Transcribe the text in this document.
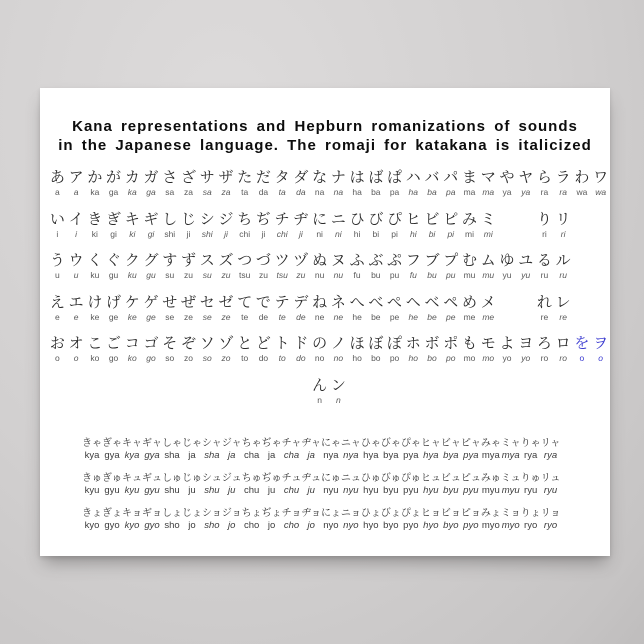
Kana representations and Hepburn romanizations of sounds
in the Japanese language. The romaji for katakana is italicized
あ
a
ア
a
か
ka
が
ga
カ
ka
ガ
ga
さ
sa
ざ
za
サ
sa
ザ
za
た
ta
だ
da
タ
ta
ダ
da
な
na
ナ
na
は
ha
ば
ba
ぱ
pa
ハ
ha
バ
ba
パ
pa
ま
ma
マ
ma
や
ya
ヤ
ya
ら
ra
ラ
ra
わ
wa
ワ
wa
い
i
イ
i
き
ki
ぎ
gi
キ
ki
ギ
gi
し
shi
じ
ji
シ
shi
ジ
ji
ち
chi
ぢ
ji
チ
chi
ヂ
ji
に
ni
ニ
ni
ひ
hi
び
bi
ぴ
pi
ヒ
hi
ビ
bi
ピ
pi
み
mi
ミ
mi
り
ri
リ
ri
う
u
ウ
u
く
ku
ぐ
gu
ク
ku
グ
gu
す
su
ず
zu
ス
su
ズ
zu
つ
tsu
づ
zu
ツ
tsu
ヅ
zu
ぬ
nu
ヌ
nu
ふ
fu
ぶ
bu
ぷ
pu
フ
fu
ブ
bu
プ
pu
む
mu
ム
mu
ゆ
yu
ユ
yu
る
ru
ル
ru
え
e
エ
e
け
ke
げ
ge
ケ
ke
ゲ
ge
せ
se
ぜ
ze
セ
se
ゼ
ze
て
te
で
de
テ
te
デ
de
ね
ne
ネ
ne
へ
he
べ
be
ぺ
pe
ヘ
he
ベ
be
ペ
pe
め
me
メ
me
れ
re
レ
re
お
o
オ
o
こ
ko
ご
go
コ
ko
ゴ
go
そ
so
ぞ
zo
ソ
so
ゾ
zo
と
to
ど
do
ト
to
ド
do
の
no
ノ
no
ほ
ho
ぼ
bo
ぽ
po
ホ
ho
ボ
bo
ポ
po
も
mo
モ
mo
よ
yo
ヨ
yo
ろ
ro
ロ
ro
を
o
ヲ
o
ん
n
ン
n
きゃ
kya
ぎゃ
gya
キャ
kya
ギャ
gya
しゃ
sha
じゃ
ja
シャ
sha
ジャ
ja
ちゃ
cha
ぢゃ
ja
チャ
cha
ヂャ
ja
にゃ
nya
ニャ
nya
ひゃ
hya
びゃ
bya
ぴゃ
pya
ヒャ
hya
ビャ
bya
ピャ
pya
みゃ
mya
ミャ
mya
りゃ
rya
リャ
rya
きゅ
kyu
ぎゅ
gyu
キュ
kyu
ギュ
gyu
しゅ
shu
じゅ
ju
シュ
shu
ジュ
ju
ちゅ
chu
ぢゅ
ju
チュ
chu
ヂュ
ju
にゅ
nyu
ニュ
nyu
ひゅ
hyu
びゅ
byu
ぴゅ
pyu
ヒュ
hyu
ビュ
byu
ピュ
pyu
みゅ
myu
ミュ
myu
りゅ
ryu
リュ
ryu
きょ
kyo
ぎょ
gyo
キョ
kyo
ギョ
gyo
しょ
sho
じょ
jo
ショ
sho
ジョ
jo
ちょ
cho
ぢょ
jo
チョ
cho
ヂョ
jo
にょ
nyo
ニョ
nyo
ひょ
hyo
びょ
byo
ぴょ
pyo
ヒョ
hyo
ビョ
byo
ピョ
pyo
みょ
myo
ミョ
myo
りょ
ryo
リョ
ryo
